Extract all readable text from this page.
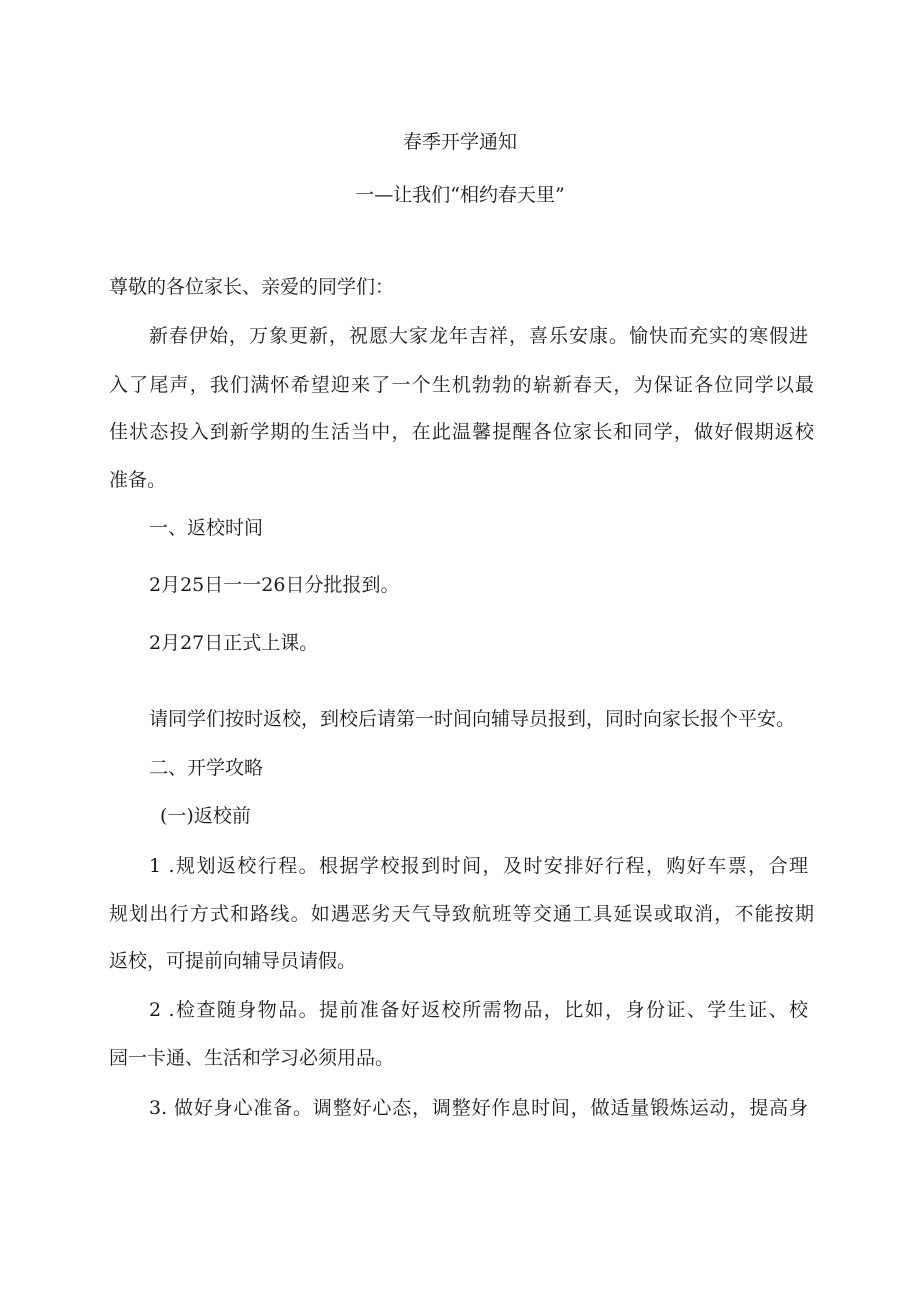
春季开学通知
一—让我们“相约春天里”
尊敬的各位家长、亲爱的同学们：
新春伊始，万象更新，祝愿大家龙年吉祥，喜乐安康。愉快而充实的寒假进
入了尾声，我们满怀希望迎来了一个生机勃勃的崭新春天，为保证各位同学以最
佳状态投入到新学期的生活当中，在此温馨提醒各位家长和同学，做好假期返校
准备。
一、返校时间
2月25日一一26日分批报到。
2月27日正式上课。
请同学们按时返校，到校后请第一时间向辅导员报到，同时向家长报个平安。
二、开学攻略
(一)返校前
1 .规划返校行程。根据学校报到时间，及时安排好行程，购好车票，合理
规划出行方式和路线。如遇恶劣天气导致航班等交通工具延误或取消，不能按期
返校，可提前向辅导员请假。
2 .检查随身物品。提前准备好返校所需物品，比如，身份证、学生证、校
园一卡通、生活和学习必须用品。
3. 做好身心准备。调整好心态，调整好作息时间，做适量锻炼运动，提高身
